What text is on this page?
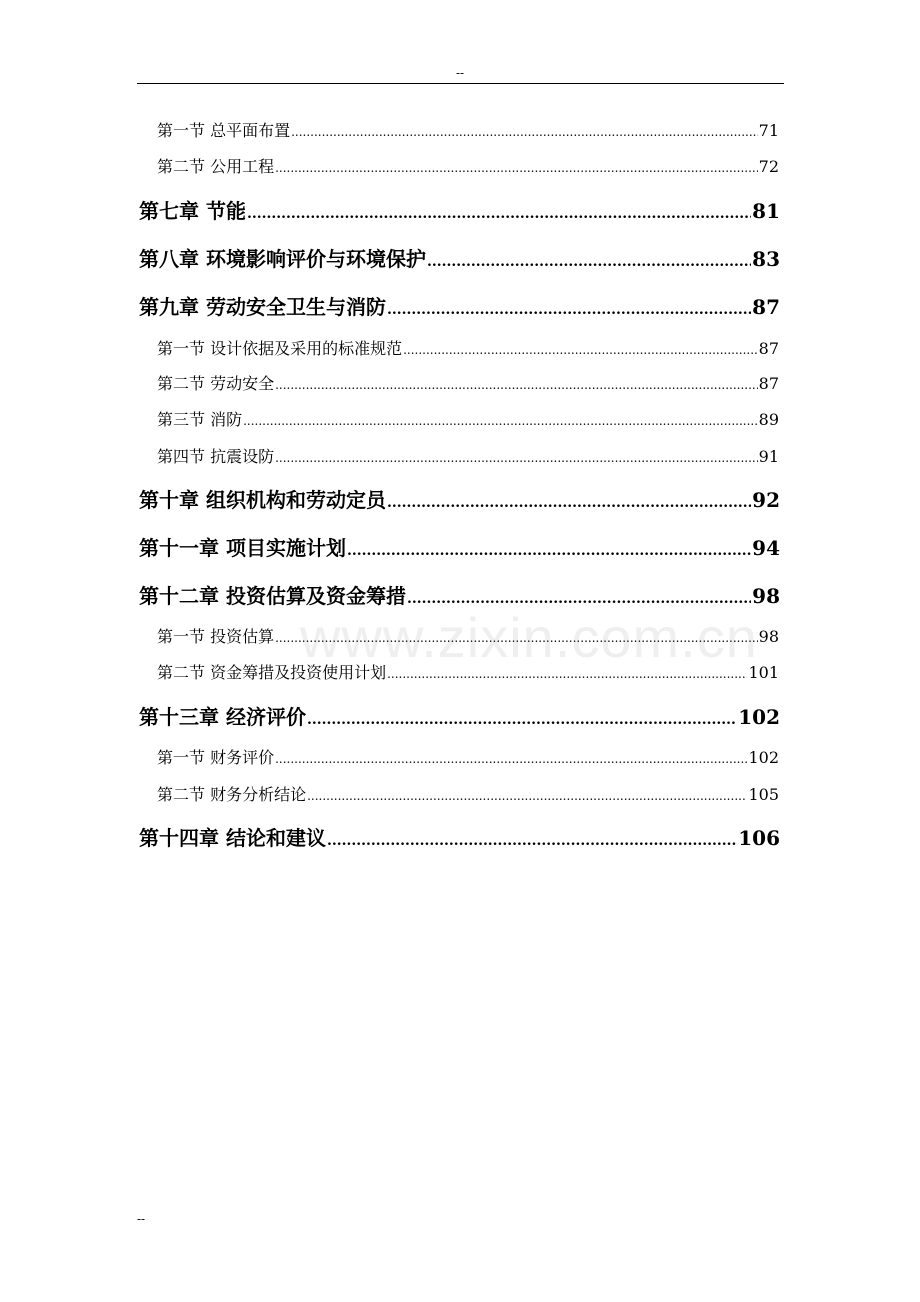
--
第一节 总平面布置 .....	71
第二节 公用工程 .....	72
第七章 节能 .....	81
第八章 环境影响评价与环境保护 .....	83
第九章 劳动安全卫生与消防 .....	87
第一节 设计依据及采用的标准规范 .....	87
第二节 劳动安全 .....	87
第三节 消防 .....	89
第四节 抗震设防 .....	91
第十章 组织机构和劳动定员 .....	92
第十一章 项目实施计划 .....	94
第十二章 投资估算及资金筹措 .....	98
第一节 投资估算 .....	98
第二节 资金筹措及投资使用计划 .....	101
第十三章 经济评价 .....	102
第一节 财务评价 .....	102
第二节 财务分析结论 .....	105
第十四章 结论和建议 .....	106
www.zixin.com.cn
--
